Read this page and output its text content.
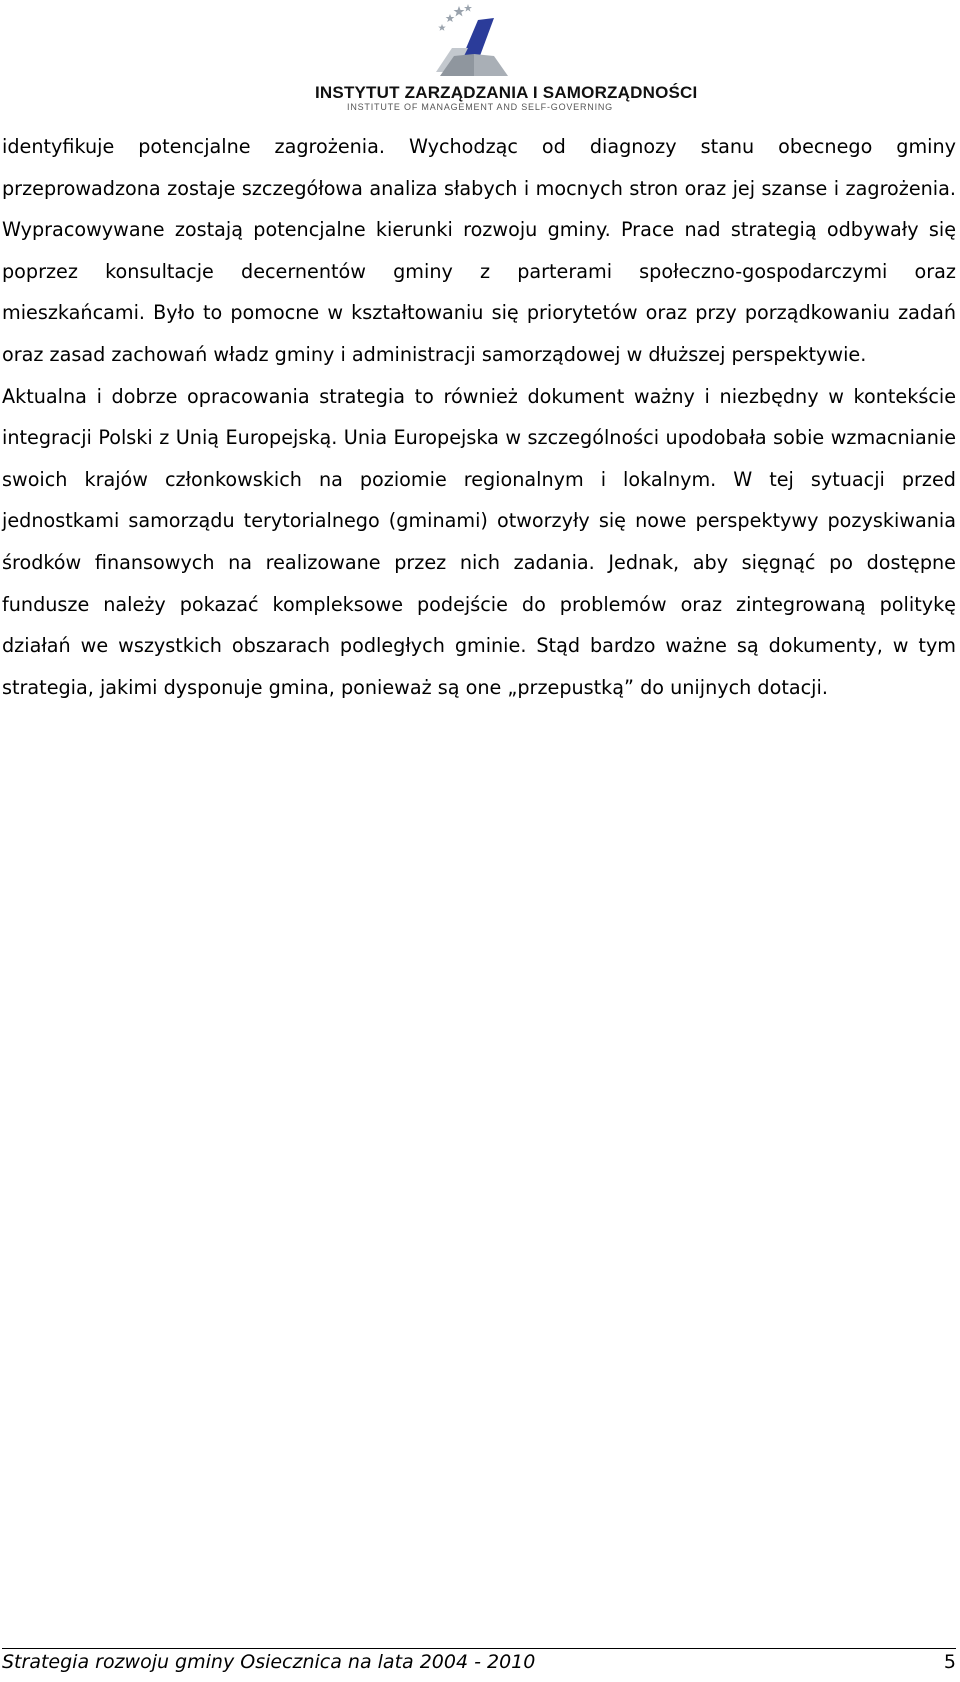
INSTYTUT ZARZĄDZANIA I SAMORZĄDNOŚCI
INSTITUTE OF MANAGEMENT AND SELF-GOVERNING

identyfikuje potencjalne zagrożenia. Wychodząc od diagnozy stanu obecnego gminy przeprowadzona zostaje szczegółowa analiza słabych i mocnych stron oraz jej szanse i zagrożenia. Wypracowywane zostają potencjalne kierunki rozwoju gminy. Prace nad strategią odbywały się poprzez konsultacje decernentów gminy z parterami społeczno-gospodarczymi oraz mieszkańcami. Było to pomocne w kształtowaniu się priorytetów oraz przy porządkowaniu zadań oraz zasad zachowań władz gminy i administracji samorządowej w dłuższej perspektywie.

Aktualna i dobrze opracowania strategia to również dokument ważny i niezbędny w kontekście integracji Polski z Unią Europejską. Unia Europejska w szczególności upodobała sobie wzmacnianie swoich krajów członkowskich na poziomie regionalnym i lokalnym. W tej sytuacji przed jednostkami samorządu terytorialnego (gminami) otworzyły się nowe perspektywy pozyskiwania środków finansowych na realizowane przez nich zadania. Jednak, aby sięgnąć po dostępne fundusze należy pokazać kompleksowe podejście do problemów oraz zintegrowaną politykę działań we wszystkich obszarach podległych gminie. Stąd bardzo ważne są dokumenty, w tym strategia, jakimi dysponuje gmina, ponieważ są one „przepustką” do unijnych dotacji.

Strategia rozwoju gminy Osiecznica na lata 2004 - 2010	5
